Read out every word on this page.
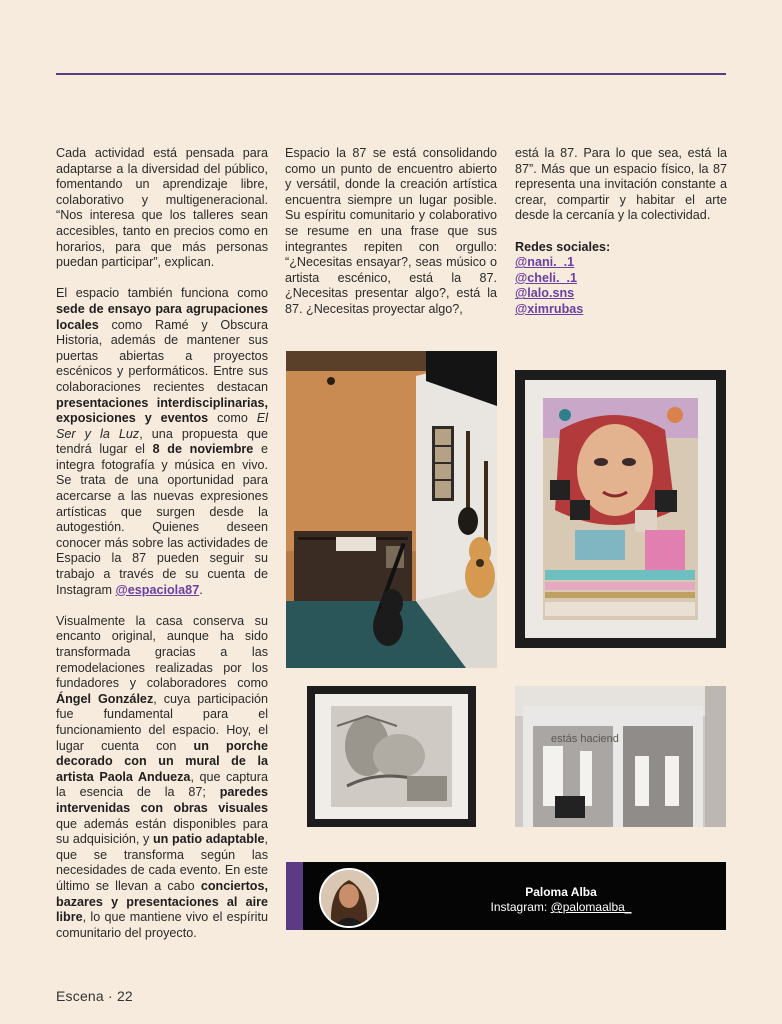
Cada actividad está pensada para adaptarse a la diversidad del público, fomentando un aprendizaje libre, colaborativo y multigeneracional. “Nos interesa que los talleres sean accesibles, tanto en precios como en horarios, para que más personas puedan participar”, explican.

El espacio también funciona como sede de ensayo para agrupaciones locales como Ramé y Obscura Historia, además de mantener sus puertas abiertas a proyectos escénicos y performáticos. Entre sus colaboraciones recientes destacan presentaciones interdisciplinarias, exposiciones y eventos como El Ser y la Luz, una propuesta que tendrá lugar el 8 de noviembre e integra fotografía y música en vivo. Se trata de una oportunidad para acercarse a las nuevas expresiones artísticas que surgen desde la autogestión. Quienes deseen conocer más sobre las actividades de Espacio la 87 pueden seguir su trabajo a través de su cuenta de Instagram @espaciola87.

Visualmente la casa conserva su encanto original, aunque ha sido transformada gracias a las remodelaciones realizadas por los fundadores y colaboradores como Ángel González, cuya participación fue fundamental para el funcionamiento del espacio. Hoy, el lugar cuenta con un porche decorado con un mural de la artista Paola Andueza, que captura la esencia de la 87; paredes intervenidas con obras visuales que además están disponibles para su adquisición, y un patio adaptable, que se transforma según las necesidades de cada evento. En este último se llevan a cabo conciertos, bazares y presentaciones al aire libre, lo que mantiene vivo el espíritu comunitario del proyecto.

Espacio la 87 se está consolidando como un punto de encuentro abierto y versátil, donde la creación artística encuentra siempre un lugar posible. Su espíritu comunitario y colaborativo se resume en una frase que sus integrantes repiten con orgullo: “¿Necesitas ensayar?, seas músico o artista escénico, está la 87. ¿Necesitas presentar algo?, está la 87. ¿Necesitas proyectar algo?,

está la 87. Para lo que sea, está la 87”. Más que un espacio físico, la 87 representa una invitación constante a crear, compartir y habitar el arte desde la cercanía y la colectividad.

Redes sociales:
@nani._.1
@cheli._.1
@lalo.sns
@ximrubas
estás haciend
Paloma Alba
Instagram: @palomaalba_
Escena · 22
